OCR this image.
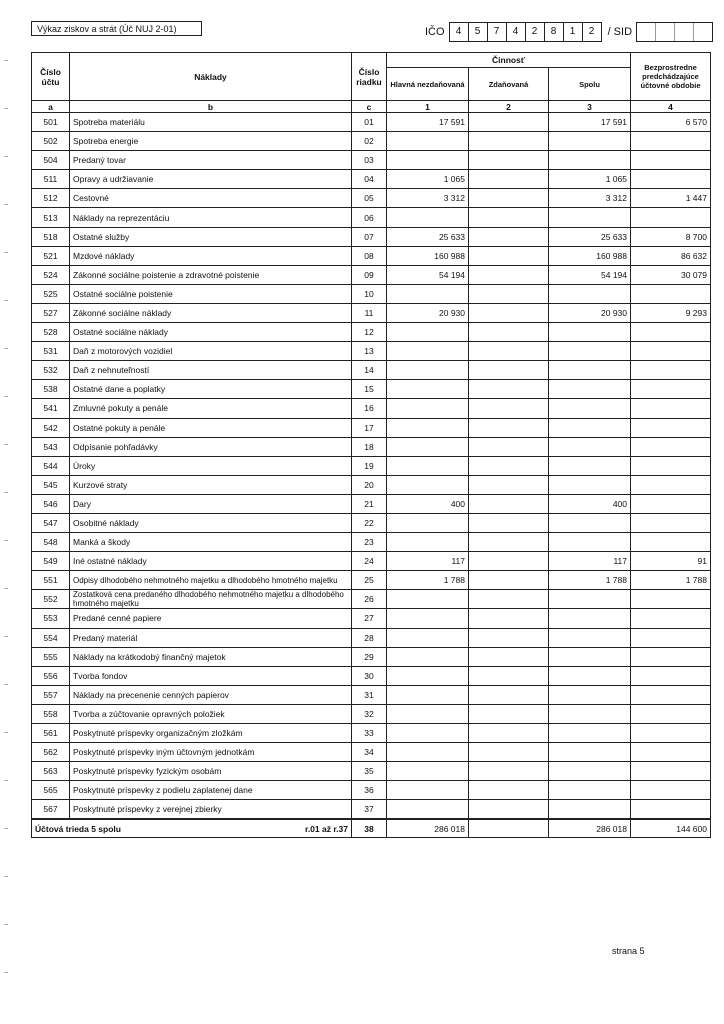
Výkaz ziskov a strát (Úč NUJ 2-01)	IČO	4	5	7	4	2	8	1	2	/ SID
Číslo účtu	Náklady	Číslo riadku	Činnosť			Bezprostredne predchádzajúce účtovné obdobie
			Hlavná nezdaňovaná	Zdaňovaná	Spolu	
a	b	c	1	2	3	4
501	Spotreba materiálu	01	17 591		17 591	6 570
502	Spotreba energie	02				
504	Predaný tovar	03				
511	Opravy a udržiavanie	04	1 065		1 065	
512	Cestovné	05	3 312		3 312	1 447
513	Náklady na reprezentáciu	06				
518	Ostatné služby	07	25 633		25 633	8 700
521	Mzdové náklady	08	160 988		160 988	86 632
524	Zákonné sociálne poistenie a zdravotné poistenie	09	54 194		54 194	30 079
525	Ostatné sociálne poistenie	10				
527	Zákonné sociálne náklady	11	20 930		20 930	9 293
528	Ostatné sociálne náklady	12				
531	Daň z motorových vozidiel	13				
532	Daň z nehnuteľností	14				
538	Ostatné dane a poplatky	15				
541	Zmluvné pokuty a penále	16				
542	Ostatné pokuty a penále	17				
543	Odpísanie pohľadávky	18				
544	Úroky	19				
545	Kurzové straty	20				
546	Dary	21	400		400	
547	Osobitné náklady	22				
548	Manká a škody	23				
549	Iné ostatné náklady	24	117		117	91
551	Odpisy dlhodobého nehmotného majetku a dlhodobého hmotného majetku	25	1 788		1 788	1 788
552	Zostatková cena predaného dlhodobého nehmotného majetku a dlhodobého hmotného majetku	26				
553	Predané cenné papiere	27				
554	Predaný materiál	28				
555	Náklady na krátkodobý finančný majetok	29				
556	Tvorba fondov	30				
557	Náklady na precenenie cenných papierov	31				
558	Tvorba a zúčtovanie opravných položiek	32				
561	Poskytnuté príspevky organizačným zložkám	33				
562	Poskytnuté príspevky iným účtovným jednotkám	34				
563	Poskytnuté príspevky fyzickým osobám	35				
565	Poskytnuté príspevky z podielu zaplatenej dane	36				
567	Poskytnuté príspevky z verejnej zbierky	37				

Účtová trieda 5 spolu r.01 až r.37		38	286 018		286 018	144 600
strana 5
